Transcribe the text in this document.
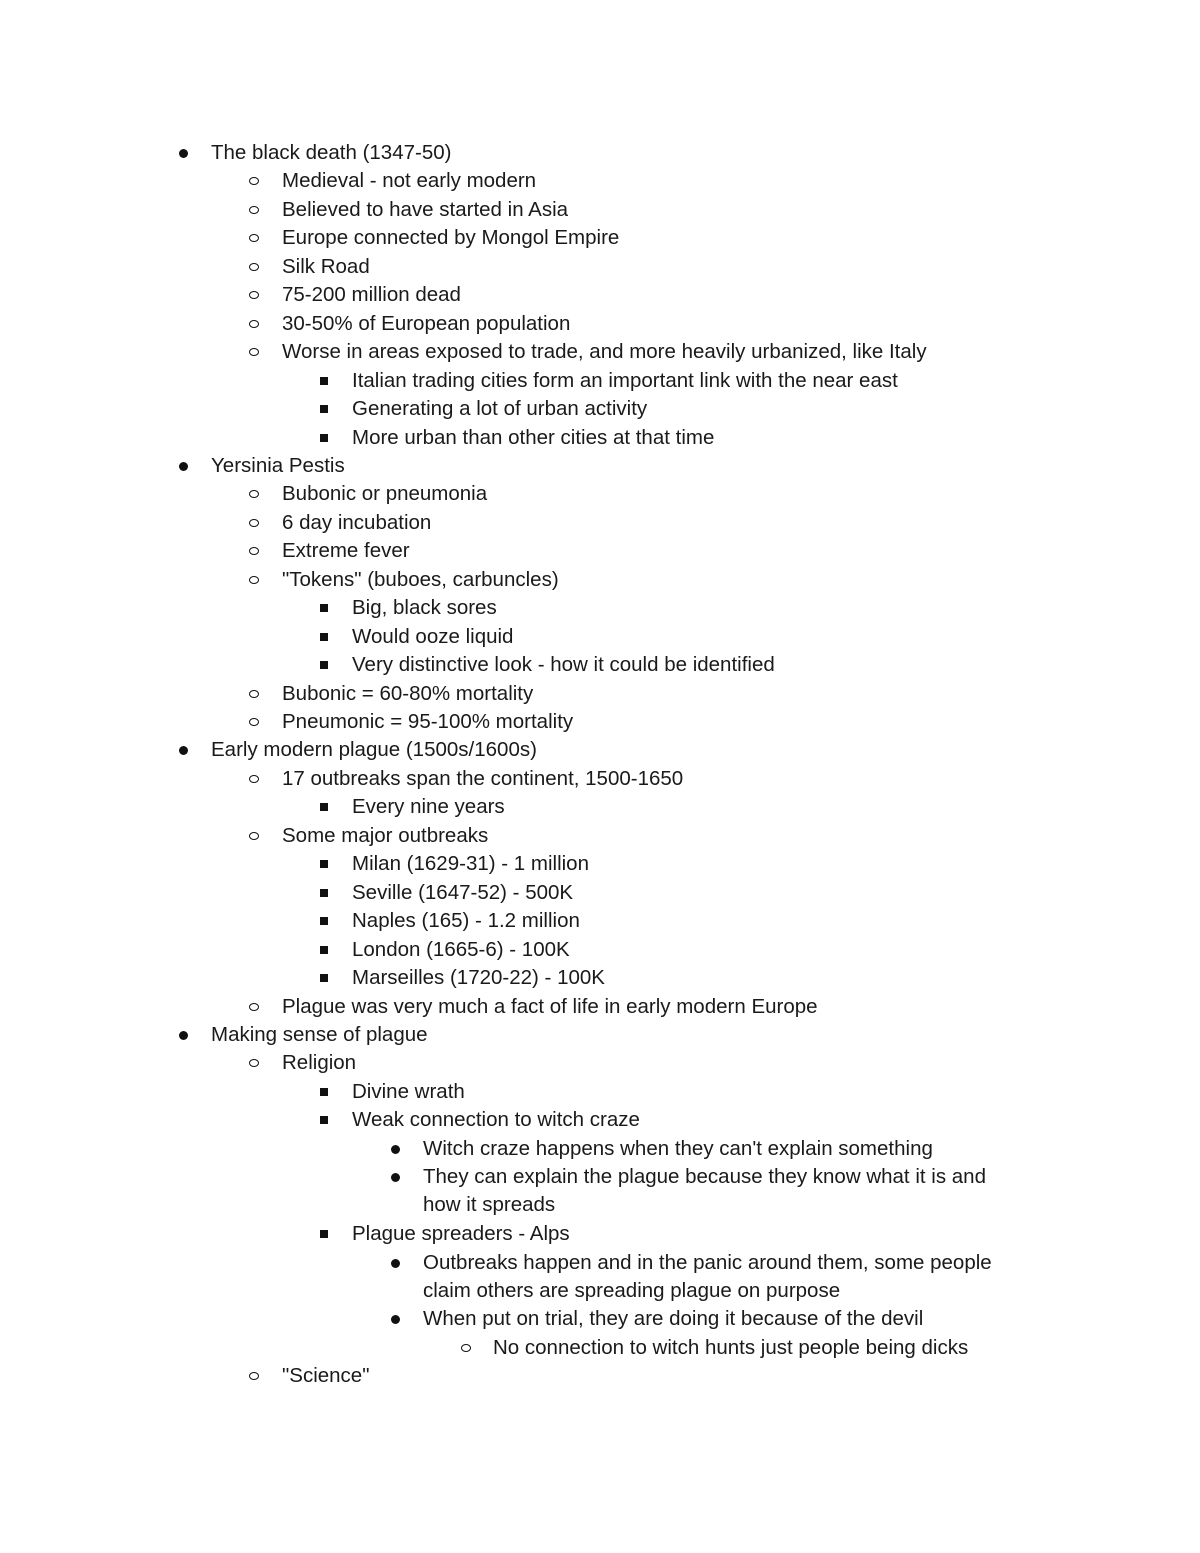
The black death (1347-50)
Medieval - not early modern
Believed to have started in Asia
Europe connected by Mongol Empire
Silk Road
75-200 million dead
30-50% of European population
Worse in areas exposed to trade, and more heavily urbanized, like Italy
Italian trading cities form an important link with the near east
Generating a lot of urban activity
More urban than other cities at that time
Yersinia Pestis
Bubonic or pneumonia
6 day incubation
Extreme fever
"Tokens" (buboes, carbuncles)
Big, black sores
Would ooze liquid
Very distinctive look - how it could be identified
Bubonic = 60-80% mortality
Pneumonic = 95-100% mortality
Early modern plague (1500s/1600s)
17 outbreaks span the continent, 1500-1650
Every nine years
Some major outbreaks
Milan (1629-31) - 1 million
Seville (1647-52) - 500K
Naples (165) - 1.2 million
London (1665-6) - 100K
Marseilles (1720-22) - 100K
Plague was very much a fact of life in early modern Europe
Making sense of plague
Religion
Divine wrath
Weak connection to witch craze
Witch craze happens when they can't explain something
They can explain the plague because they know what it is and how it spreads
Plague spreaders - Alps
Outbreaks happen and in the panic around them, some people claim others are spreading plague on purpose
When put on trial, they are doing it because of the devil
No connection to witch hunts just people being dicks
"Science"
